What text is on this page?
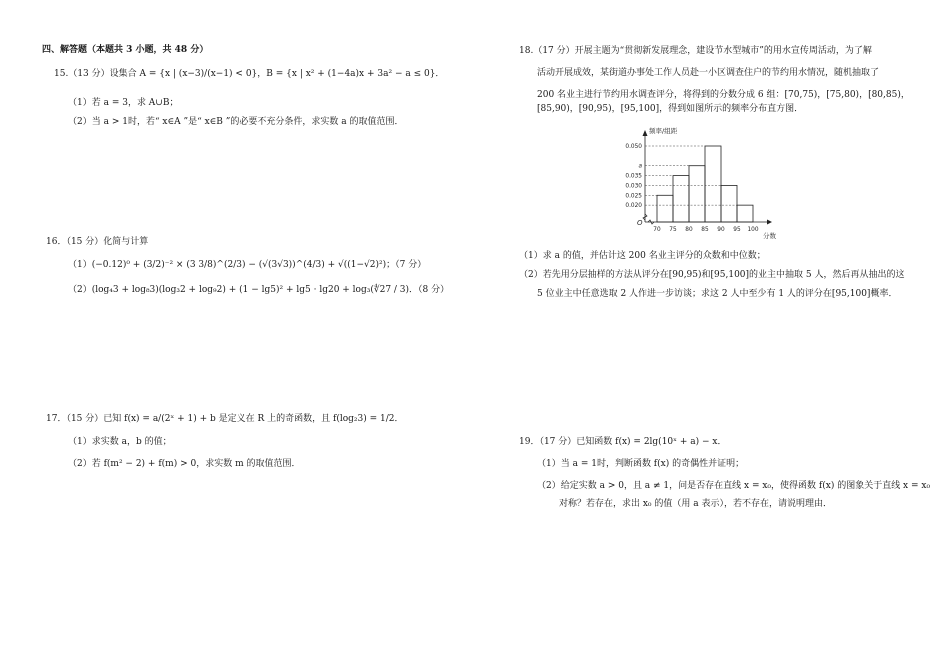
四、解答题（本题共 3 小题，共 48 分）
15.（13 分）设集合 A = {x | (x−3)/(x−1) < 0}，B = {x | x² + (1−4a)x + 3a² − a ≤ 0}．
（1）若 a = 3，求 A∪B；
（2）当 a > 1时，若“ x∈A ”是“ x∈B ”的必要不充分条件，求实数 a 的取值范围．
16．（15 分）化简与计算
（1）(−0.12)⁰ + (3/2)⁻² × (3 3/8)^(2/3) − (√(3√3))^(4/3) + √((1−√2)²)；（7 分）
（2）(log₄3 + log₈3)(log₃2 + log₉2) + (1 − lg5)² + lg5 · lg20 + log₃(∜27 / 3)．（8 分）
17．（15 分）已知 f(x) = a/(2ˣ + 1) + b 是定义在 R 上的奇函数，且 f(log₂3) = 1/2．
（1）求实数 a，b 的值；
（2）若 f(m² − 2) + f(m) > 0，求实数 m 的取值范围．
18.（17 分）开展主题为“贯彻新发展理念，建设节水型城市”的用水宣传周活动，为了解
活动开展成效，某街道办事处工作人员赴一小区调查住户的节约用水情况，随机抽取了
200 名业主进行节约用水调查评分，将得到的分数分成 6 组：[70,75)，[75,80)，[80,85)，
[85,90)，[90,95)，[95,100]，得到如图所示的频率分布直方图．
频率/组距
分数
O
0.050
a
0.035
0.030
0.025
0.020
70 75 80 85 90 95 100
（1）求 a 的值，并估计这 200 名业主评分的众数和中位数；
（2）若先用分层抽样的方法从评分在[90,95)和[95,100]的业主中抽取 5 人，然后再从抽出的这
5 位业主中任意选取 2 人作进一步访谈；求这 2 人中至少有 1 人的评分在[95,100]概率．
19．（17 分）已知函数 f(x) = 2lg(10ˣ + a) − x．
（1）当 a = 1时，判断函数 f(x) 的奇偶性并证明；
（2）给定实数 a > 0，且 a ≠ 1，问是否存在直线 x = x₀，使得函数 f(x) 的图象关于直线 x = x₀
对称？若存在，求出 x₀ 的值（用 a 表示），若不存在，请说明理由．
